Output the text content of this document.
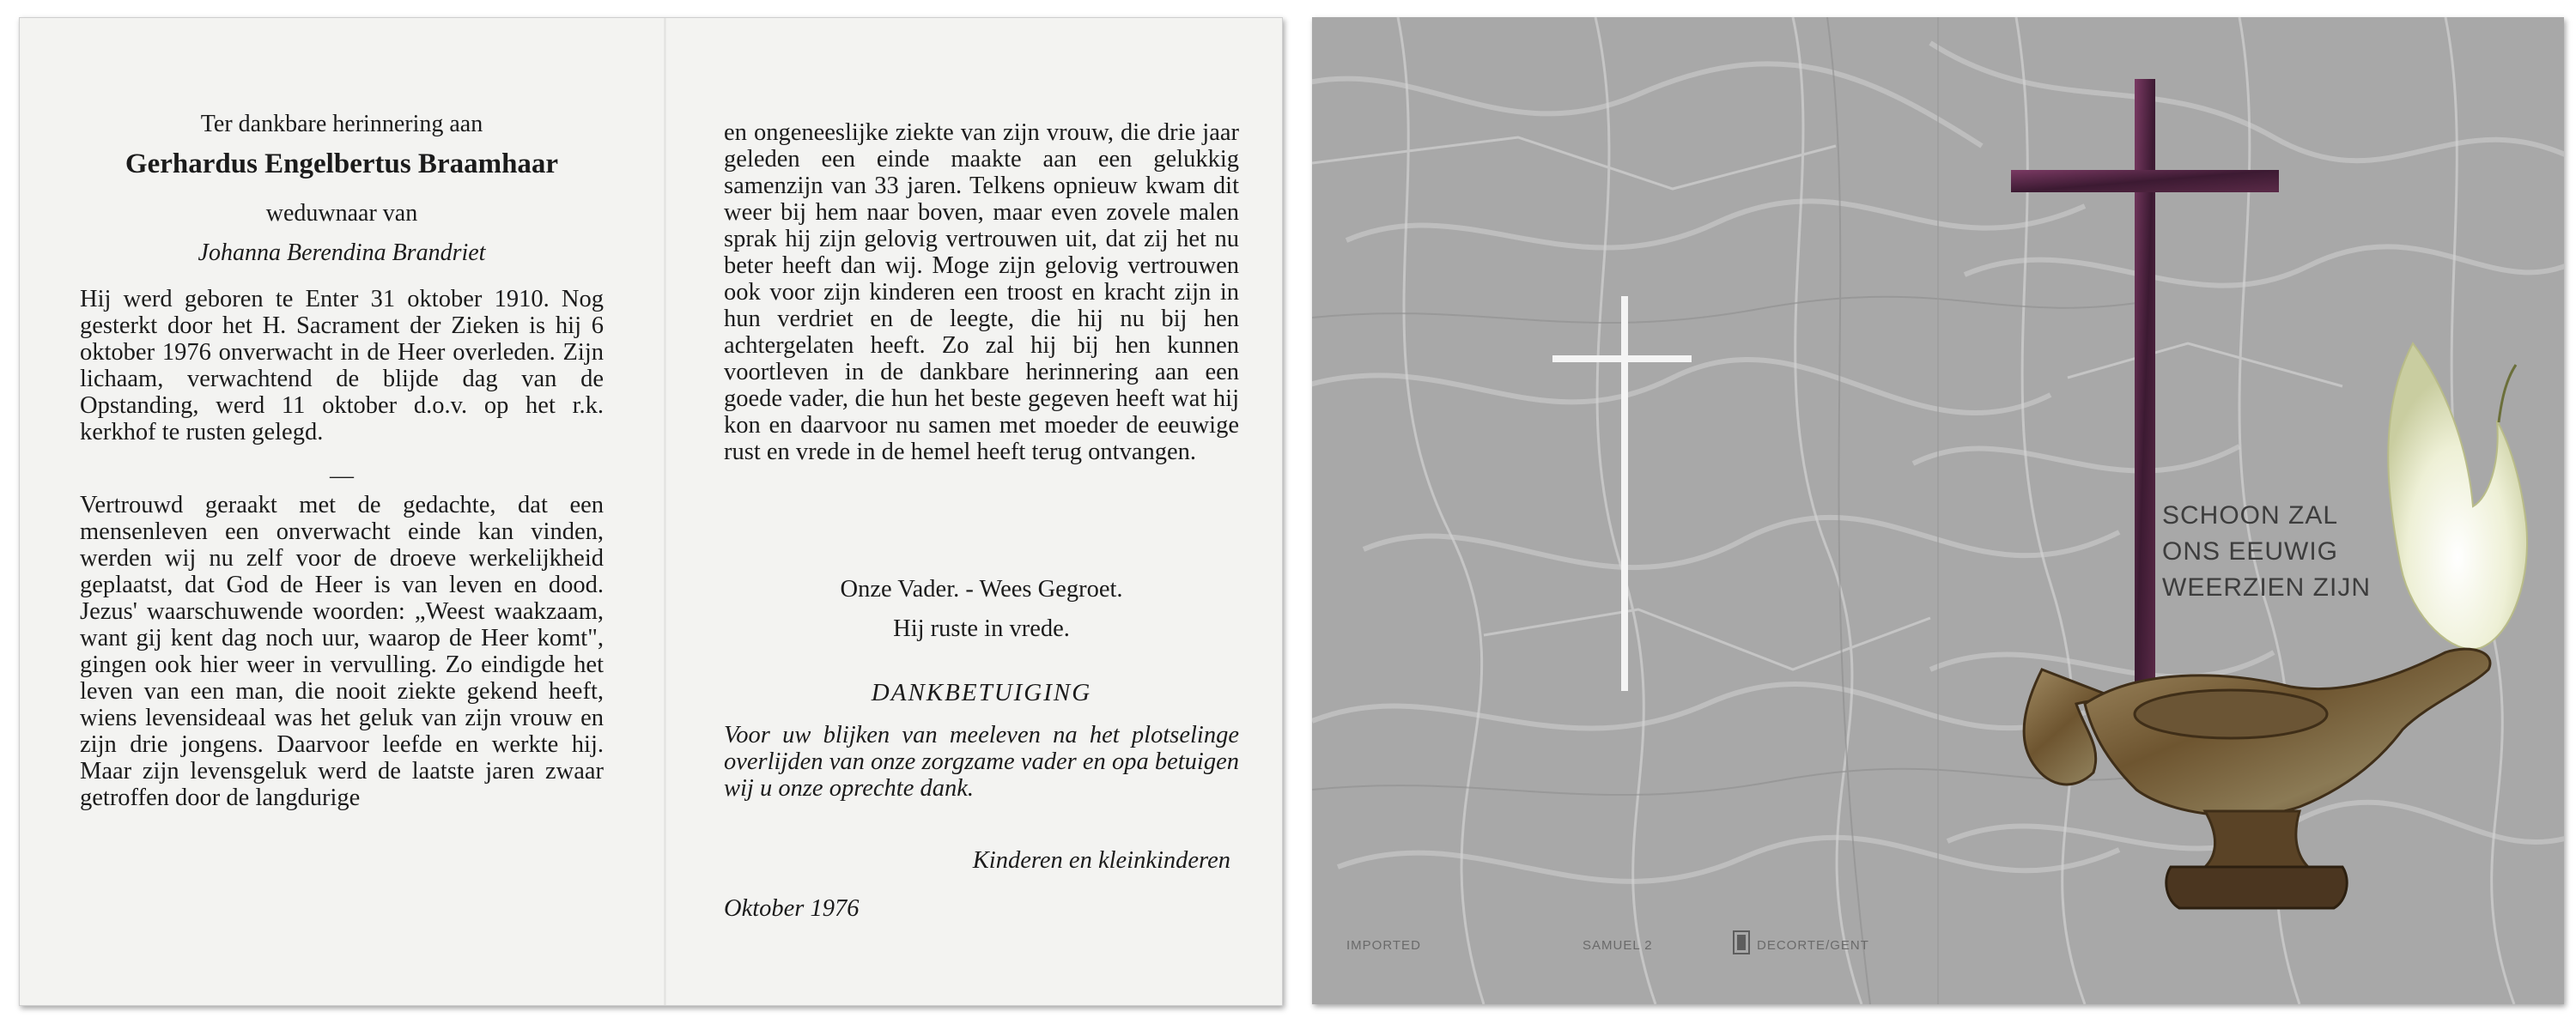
Ter dankbare herinnering aan
Gerhardus Engelbertus Braamhaar
weduwnaar van
Johanna Berendina Brandriet

Hij werd geboren te Enter 31 oktober 1910. Nog gesterkt door het H. Sacrament der Zieken is hij 6 oktober 1976 onverwacht in de Heer overleden. Zijn lichaam, verwachtend de blijde dag van de Opstanding, werd 11 oktober d.o.v. op het r.k. kerkhof te rusten gelegd.

—

Vertrouwd geraakt met de gedachte, dat een mensenleven een onverwacht einde kan vinden, werden wij nu zelf voor de droeve werkelijkheid geplaatst, dat God de Heer is van leven en dood. Jezus' waarschuwende woorden: „Weest waakzaam, want gij kent dag noch uur, waarop de Heer komt", gingen ook hier weer in vervulling. Zo eindigde het leven van een man, die nooit ziekte gekend heeft, wiens levensideaal was het geluk van zijn vrouw en zijn drie jongens. Daarvoor leefde en werkte hij. Maar zijn levensgeluk werd de laatste jaren zwaar getroffen door de langdurige

en ongeneeslijke ziekte van zijn vrouw, die drie jaar geleden een einde maakte aan een gelukkig samenzijn van 33 jaren. Telkens opnieuw kwam dit weer bij hem naar boven, maar even zovele malen sprak hij zijn gelovig vertrouwen uit, dat zij het nu beter heeft dan wij. Moge zijn gelovig vertrouwen ook voor zijn kinderen een troost en kracht zijn in hun verdriet en de leegte, die hij nu bij hen achtergelaten heeft. Zo zal hij bij hen kunnen voortleven in de dankbare herinnering aan een goede vader, die hun het beste gegeven heeft wat hij kon en daarvoor nu samen met moeder de eeuwige rust en vrede in de hemel heeft terug ontvangen.

Onze Vader. - Wees Gegroet.
Hij ruste in vrede.
DANKBETUIGING

Voor uw blijken van meeleven na het plotselinge overlijden van onze zorgzame vader en opa betuigen wij u onze oprechte dank.

Kinderen en kleinkinderen
Oktober 1976
SCHOON ZAL
ONS EEUWIG
WEERZIEN ZIJN
IMPORTED	SAMUEL 2	DECORTE/GENT
